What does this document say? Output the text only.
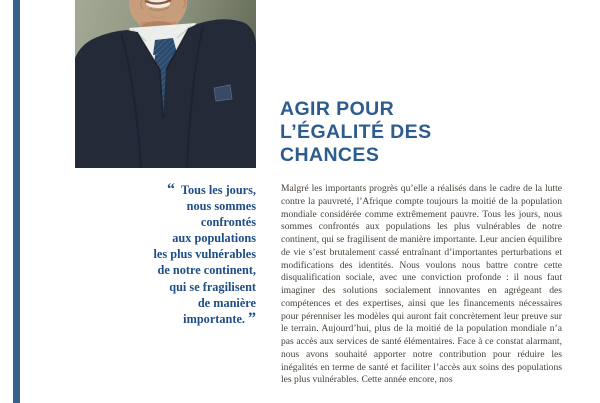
AGIR POUR
L’ÉGALITÉ DES
CHANCES
“ Tous les jours,
nous sommes
confrontés
aux populations
les plus vulnérables
de notre continent,
qui se fragilisent
de manière
importante. ”
Malgré les importants progrès qu’elle a réalisés dans le cadre de la lutte contre la pauvreté, l’Afrique compte toujours la moitié de la population mondiale considérée comme extrêmement pauvre. Tous les jours, nous sommes confrontés aux populations les plus vulnérables de notre continent, qui se fragilisent de manière importante. Leur ancien équilibre de vie s’est brutalement cassé entraînant d’importantes perturbations et modifications des identités. Nous voulons nous battre contre cette disqualification sociale, avec une conviction profonde : il nous faut imaginer des solutions socialement innovantes en agrégeant des compétences et des expertises, ainsi que les financements nécessaires pour pérenniser les modèles qui auront fait concrètement leur preuve sur le terrain. Aujourd’hui, plus de la moitié de la population mondiale n’a pas accès aux services de santé élémentaires. Face à ce constat alarmant, nous avons souhaité apporter notre contribution pour réduire les inégalités en terme de santé et faciliter l’accès aux soins des populations les plus vulnérables. Cette année encore, nos
